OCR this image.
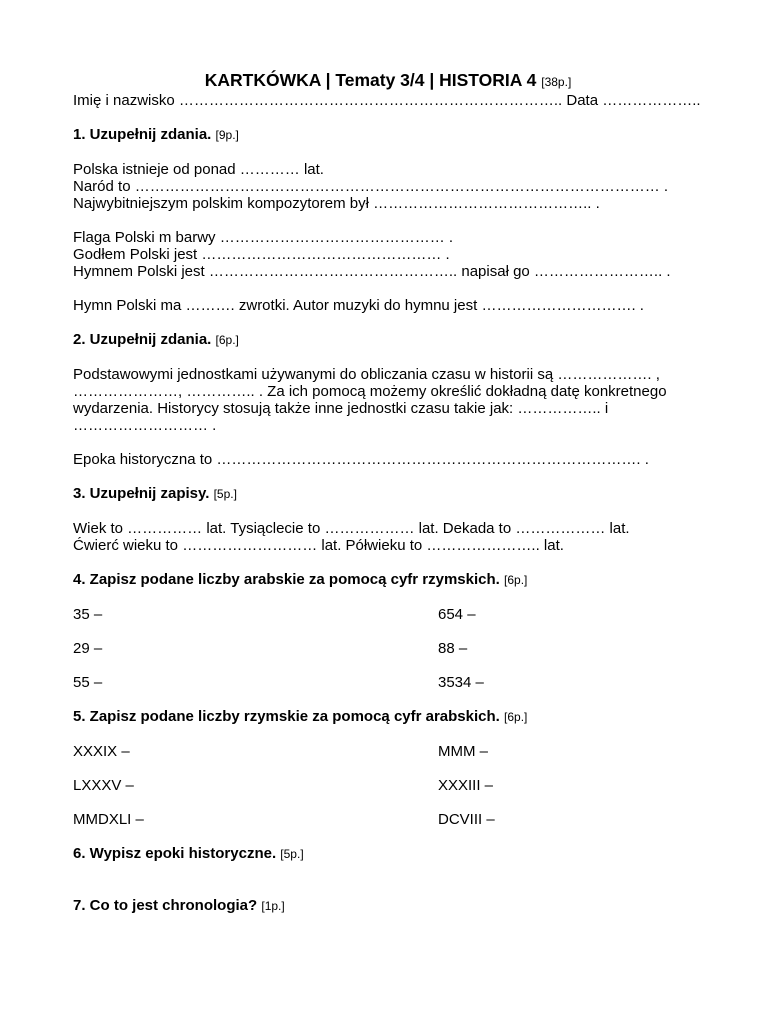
KARTKÓWKA | Tematy 3/4 | HISTORIA 4 [38p.]
Imię i nazwisko ………………………………………………………………….. Data ………………..
1. Uzupełnij zdania. [9p.]
Polska istnieje od ponad ………… lat.
Naród to …………………………………………………………………………………………… .
Najwybitniejszym polskim kompozytorem był …………………………………….. .
Flaga Polski m barwy ……………………………………… .
Godłem Polski jest ………………………………………… .
Hymnem Polski jest ………………………………………….. napisał go …………………….. .
Hymn Polski ma ………. zwrotki. Autor muzyki do hymnu jest …………………………. .
2. Uzupełnij zdania. [6p.]
Podstawowymi jednostkami używanymi do obliczania czasu w historii są ………………. , …………………, ………….. . Za ich pomocą możemy określić dokładną datę konkretnego wydarzenia. Historycy stosują także inne jednostki czasu takie jak: …………….. i ……………………… .
Epoka historyczna to …………………………………………………………………………. .
3. Uzupełnij zapisy. [5p.]
Wiek to …………… lat. Tysiąclecie to ……………… lat. Dekada to ……………… lat.
Ćwierć wieku to ……………………… lat. Półwieku to ………………….. lat.
4. Zapisz podane liczby arabskie za pomocą cyfr rzymskich. [6p.]
35 –	654 –
29 –	88 –
55 –	3534 –
5. Zapisz podane liczby rzymskie za pomocą cyfr arabskich. [6p.]
XXXIX –	MMM –
LXXXV –	XXXIII –
MMDXLI –	DCVIII –
6. Wypisz epoki historyczne. [5p.]
7. Co to jest chronologia? [1p.]
